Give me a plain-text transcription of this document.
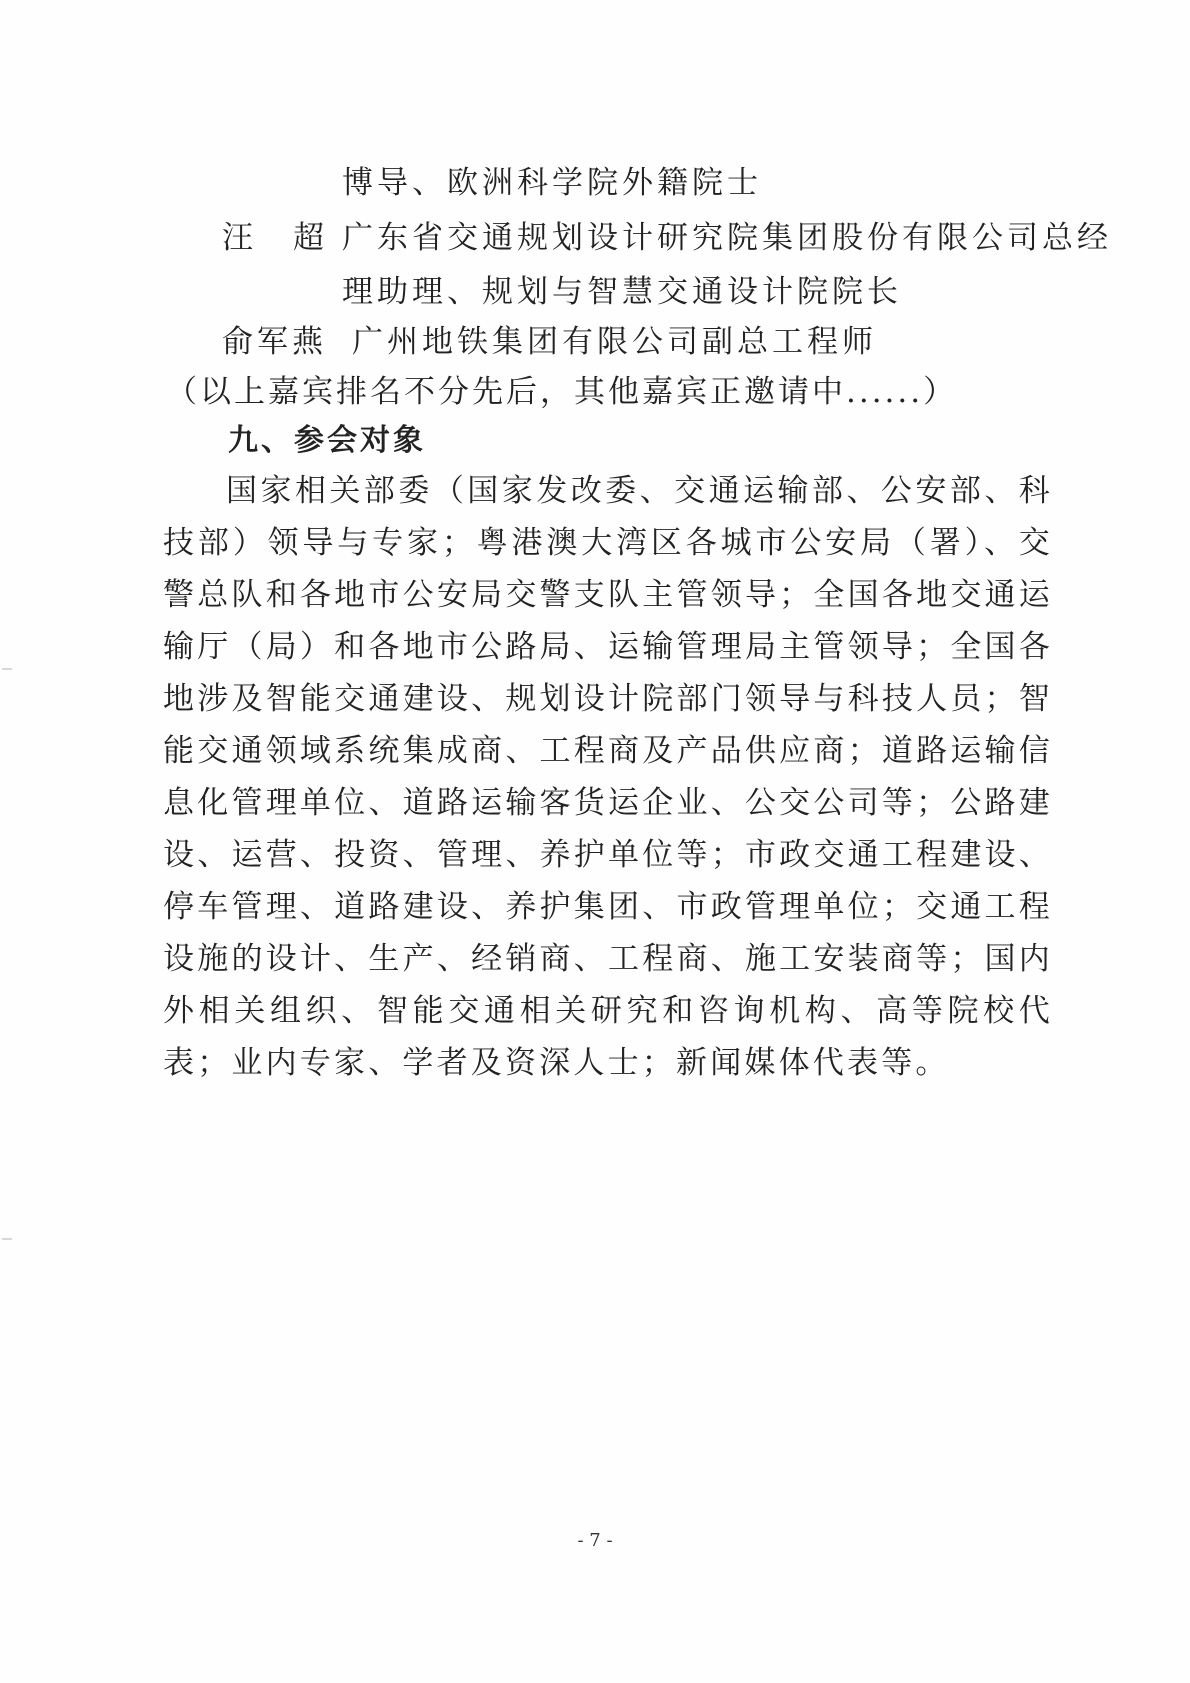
博导、欧洲科学院外籍院士
汪超
广东省交通规划设计研究院集团股份有限公司总经
理助理、规划与智慧交通设计院院长
俞军燕 广州地铁集团有限公司副总工程师
（以上嘉宾排名不分先后，其他嘉宾正邀请中......）
九、参会对象

国家相关部委（国家发改委、交通运输部、公安部、科技部）领导与专家；粤港澳大湾区各城市公安局（署）、交警总队和各地市公安局交警支队主管领导；全国各地交通运输厅（局）和各地市公路局、运输管理局主管领导；全国各地涉及智能交通建设、规划设计院部门领导与科技人员；智能交通领域系统集成商、工程商及产品供应商；道路运输信息化管理单位、道路运输客货运企业、公交公司等；公路建设、运营、投资、管理、养护单位等；市政交通工程建设、停车管理、道路建设、养护集团、市政管理单位；交通工程设施的设计、生产、经销商、工程商、施工安装商等；国内外相关组织、智能交通相关研究和咨询机构、高等院校代表；业内专家、学者及资深人士；新闻媒体代表等。

- 7 -
